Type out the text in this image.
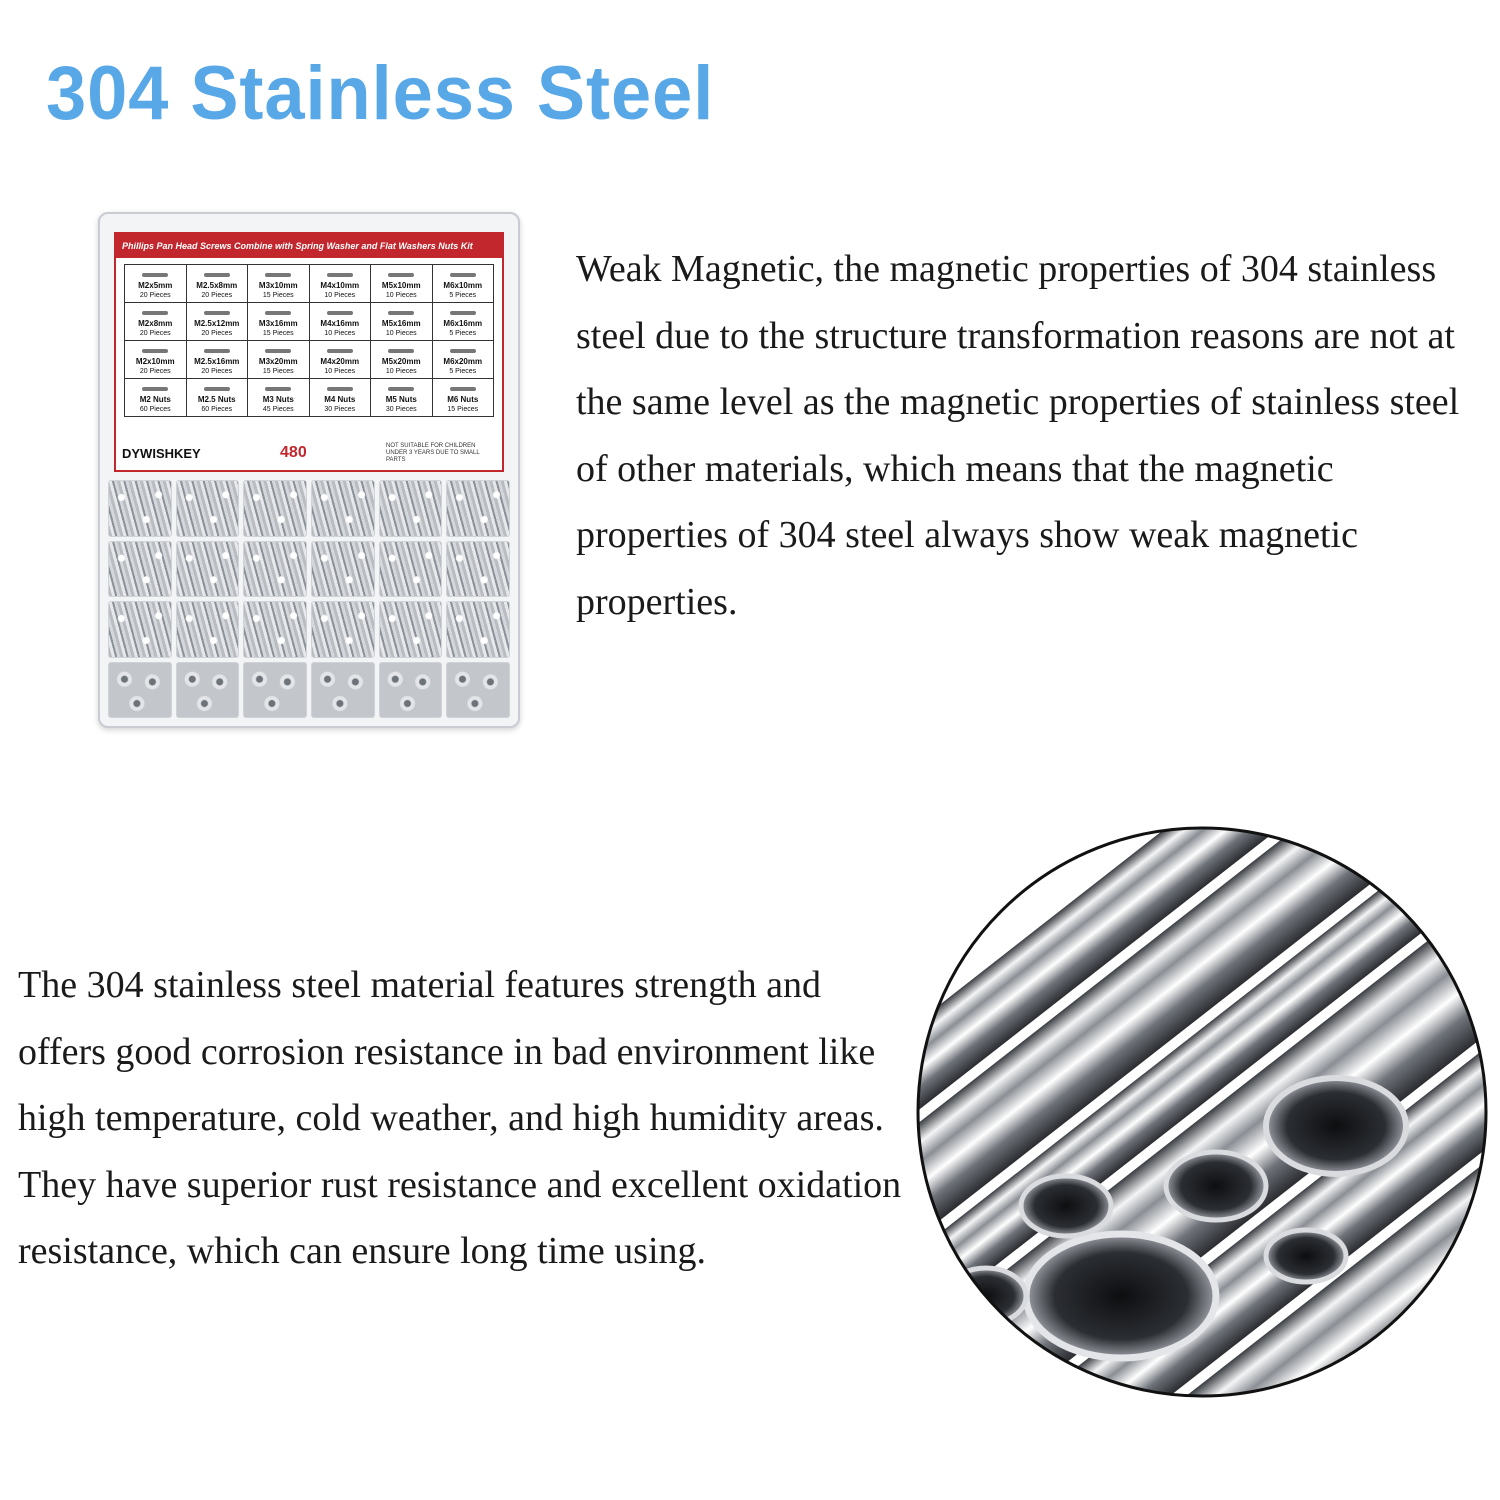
304 Stainless Steel
Phillips Pan Head Screws Combine with Spring Washer and Flat Washers Nuts Kit
M2x5mm
20 Pieces
M2.5x8mm
20 Pieces
M3x10mm
15 Pieces
M4x10mm
10 Pieces
M5x10mm
10 Pieces
M6x10mm
5 Pieces
M2x8mm
20 Pieces
M2.5x12mm
20 Pieces
M3x16mm
15 Pieces
M4x16mm
10 Pieces
M5x16mm
10 Pieces
M6x16mm
5 Pieces
M2x10mm
20 Pieces
M2.5x16mm
20 Pieces
M3x20mm
15 Pieces
M4x20mm
10 Pieces
M5x20mm
10 Pieces
M6x20mm
5 Pieces
M2 Nuts
60 Pieces
M2.5 Nuts
60 Pieces
M3 Nuts
45 Pieces
M4 Nuts
30 Pieces
M5 Nuts
30 Pieces
M6 Nuts
15 Pieces
DYWISHKEY	480	NOT SUITABLE FOR CHILDREN UNDER 3 YEARS DUE TO SMALL PARTS

Weak Magnetic, the magnetic properties of 304 stainless steel due to the structure transformation reasons are not at the same level as the magnetic properties of stainless steel of other materials, which means that the magnetic properties of 304 steel always show weak magnetic properties.

The 304 stainless steel material features strength and offers good corrosion resistance in bad environment like high temperature, cold weather, and high humidity areas. They have superior rust resistance and excellent oxidation resistance, which can ensure long time using.
